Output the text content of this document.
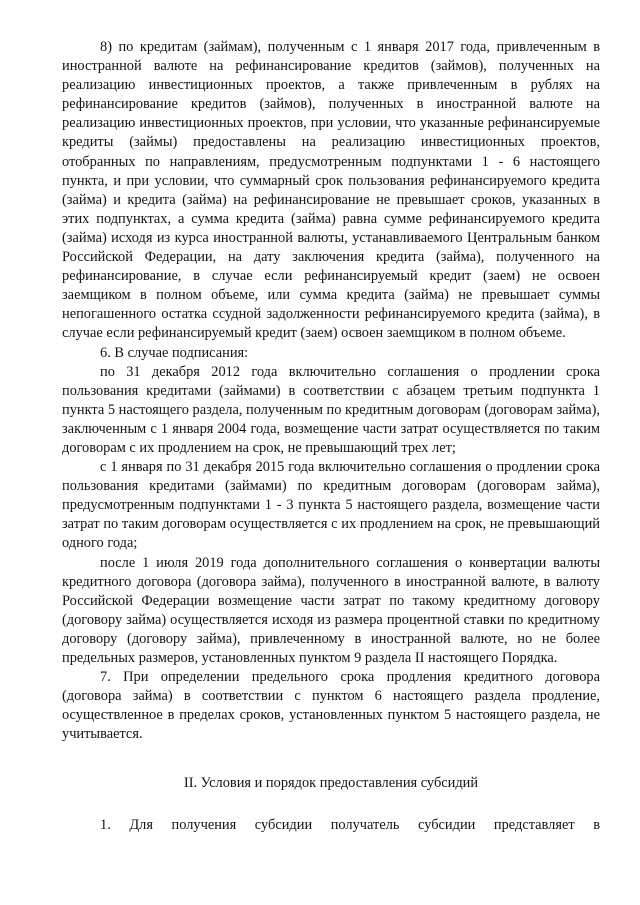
8) по кредитам (займам), полученным с 1 января 2017 года, привлеченным в иностранной валюте на рефинансирование кредитов (займов), полученных на реализацию инвестиционных проектов, а также привлеченным в рублях на рефинансирование кредитов (займов), полученных в иностранной валюте на реализацию инвестиционных проектов, при условии, что указанные рефинансируемые кредиты (займы) предоставлены на реализацию инвестиционных проектов, отобранных по направлениям, предусмотренным подпунктами 1 - 6 настоящего пункта, и при условии, что суммарный срок пользования рефинансируемого кредита (займа) и кредита (займа) на рефинансирование не превышает сроков, указанных в этих подпунктах, а сумма кредита (займа) равна сумме рефинансируемого кредита (займа) исходя из курса иностранной валюты, устанавливаемого Центральным банком Российской Федерации, на дату заключения кредита (займа), полученного на рефинансирование, в случае если рефинансируемый кредит (заем) не освоен заемщиком в полном объеме, или сумма кредита (займа) не превышает суммы непогашенного остатка ссудной задолженности рефинансируемого кредита (займа), в случае если рефинансируемый кредит (заем) освоен заемщиком в полном объеме.

6. В случае подписания:

по 31 декабря 2012 года включительно соглашения о продлении срока пользования кредитами (займами) в соответствии с абзацем третьим подпункта 1 пункта 5 настоящего раздела, полученным по кредитным договорам (договорам займа), заключенным с 1 января 2004 года, возмещение части затрат осуществляется по таким договорам с их продлением на срок, не превышающий трех лет;

с 1 января по 31 декабря 2015 года включительно соглашения о продлении срока пользования кредитами (займами) по кредитным договорам (договорам займа), предусмотренным подпунктами 1 - 3 пункта 5 настоящего раздела, возмещение части затрат по таким договорам осуществляется с их продлением на срок, не превышающий одного года;

после 1 июля 2019 года дополнительного соглашения о конвертации валюты кредитного договора (договора займа), полученного в иностранной валюте, в валюту Российской Федерации возмещение части затрат по такому кредитному договору (договору займа) осуществляется исходя из размера процентной ставки по кредитному договору (договору займа), привлеченному в иностранной валюте, но не более предельных размеров, установленных пунктом 9 раздела II настоящего Порядка.

7. При определении предельного срока продления кредитного договора (договора займа) в соответствии с пунктом 6 настоящего раздела продление, осуществленное в пределах сроков, установленных пунктом 5 настоящего раздела, не учитывается.

II. Условия и порядок предоставления субсидий

1. Для получения субсидии получатель субсидии представляет в
